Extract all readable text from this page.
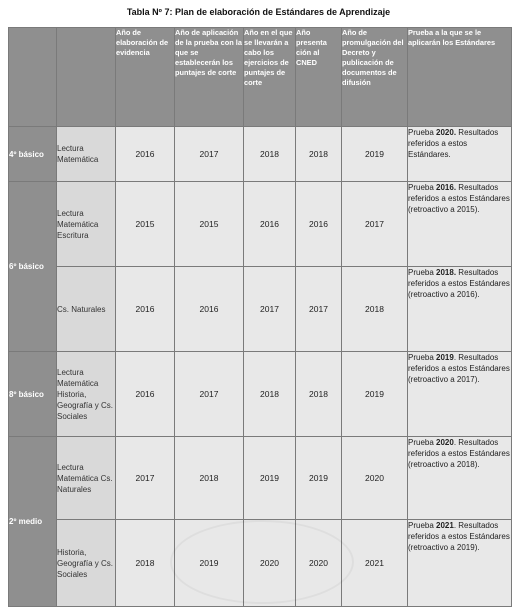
Tabla Nº 7: Plan de elaboración de Estándares de Aprendizaje
		Año de elaboración de evidencia	Año de aplicación de la prueba con la que se establecerán los puntajes de corte	Año en el que se llevarán a cabo los ejercicios de puntajes de corte	Año presenta ción al CNED	Año de promulgación del Decreto y publicación de documentos de difusión	Prueba a la que se le aplicarán los Estándares
4º básico	Lectura Matemática	2016	2017	2018	2018	2019	Prueba 2020. Resultados referidos a estos Estándares.
6º básico	Lectura Matemática Escritura	2015	2015	2016	2016	2017	Prueba 2016. Resultados referidos a estos Estándares (retroactivo a 2015).
	Cs. Naturales	2016	2016	2017	2017	2018	Prueba 2018. Resultados referidos a estos Estándares (retroactivo a 2016).
8º básico	Lectura Matemática Historia, Geografía y Cs. Sociales	2016	2017	2018	2018	2019	Prueba 2019. Resultados referidos a estos Estándares (retroactivo a 2017).
2º medio	Lectura Matemática Cs. Naturales	2017	2018	2019	2019	2020	Prueba 2020. Resultados referidos a estos Estándares (retroactivo a 2018).
	Historia, Geografía y Cs. Sociales	2018	2019	2020	2020	2021	Prueba 2021. Resultados referidos a estos Estándares (retroactivo a 2019).
